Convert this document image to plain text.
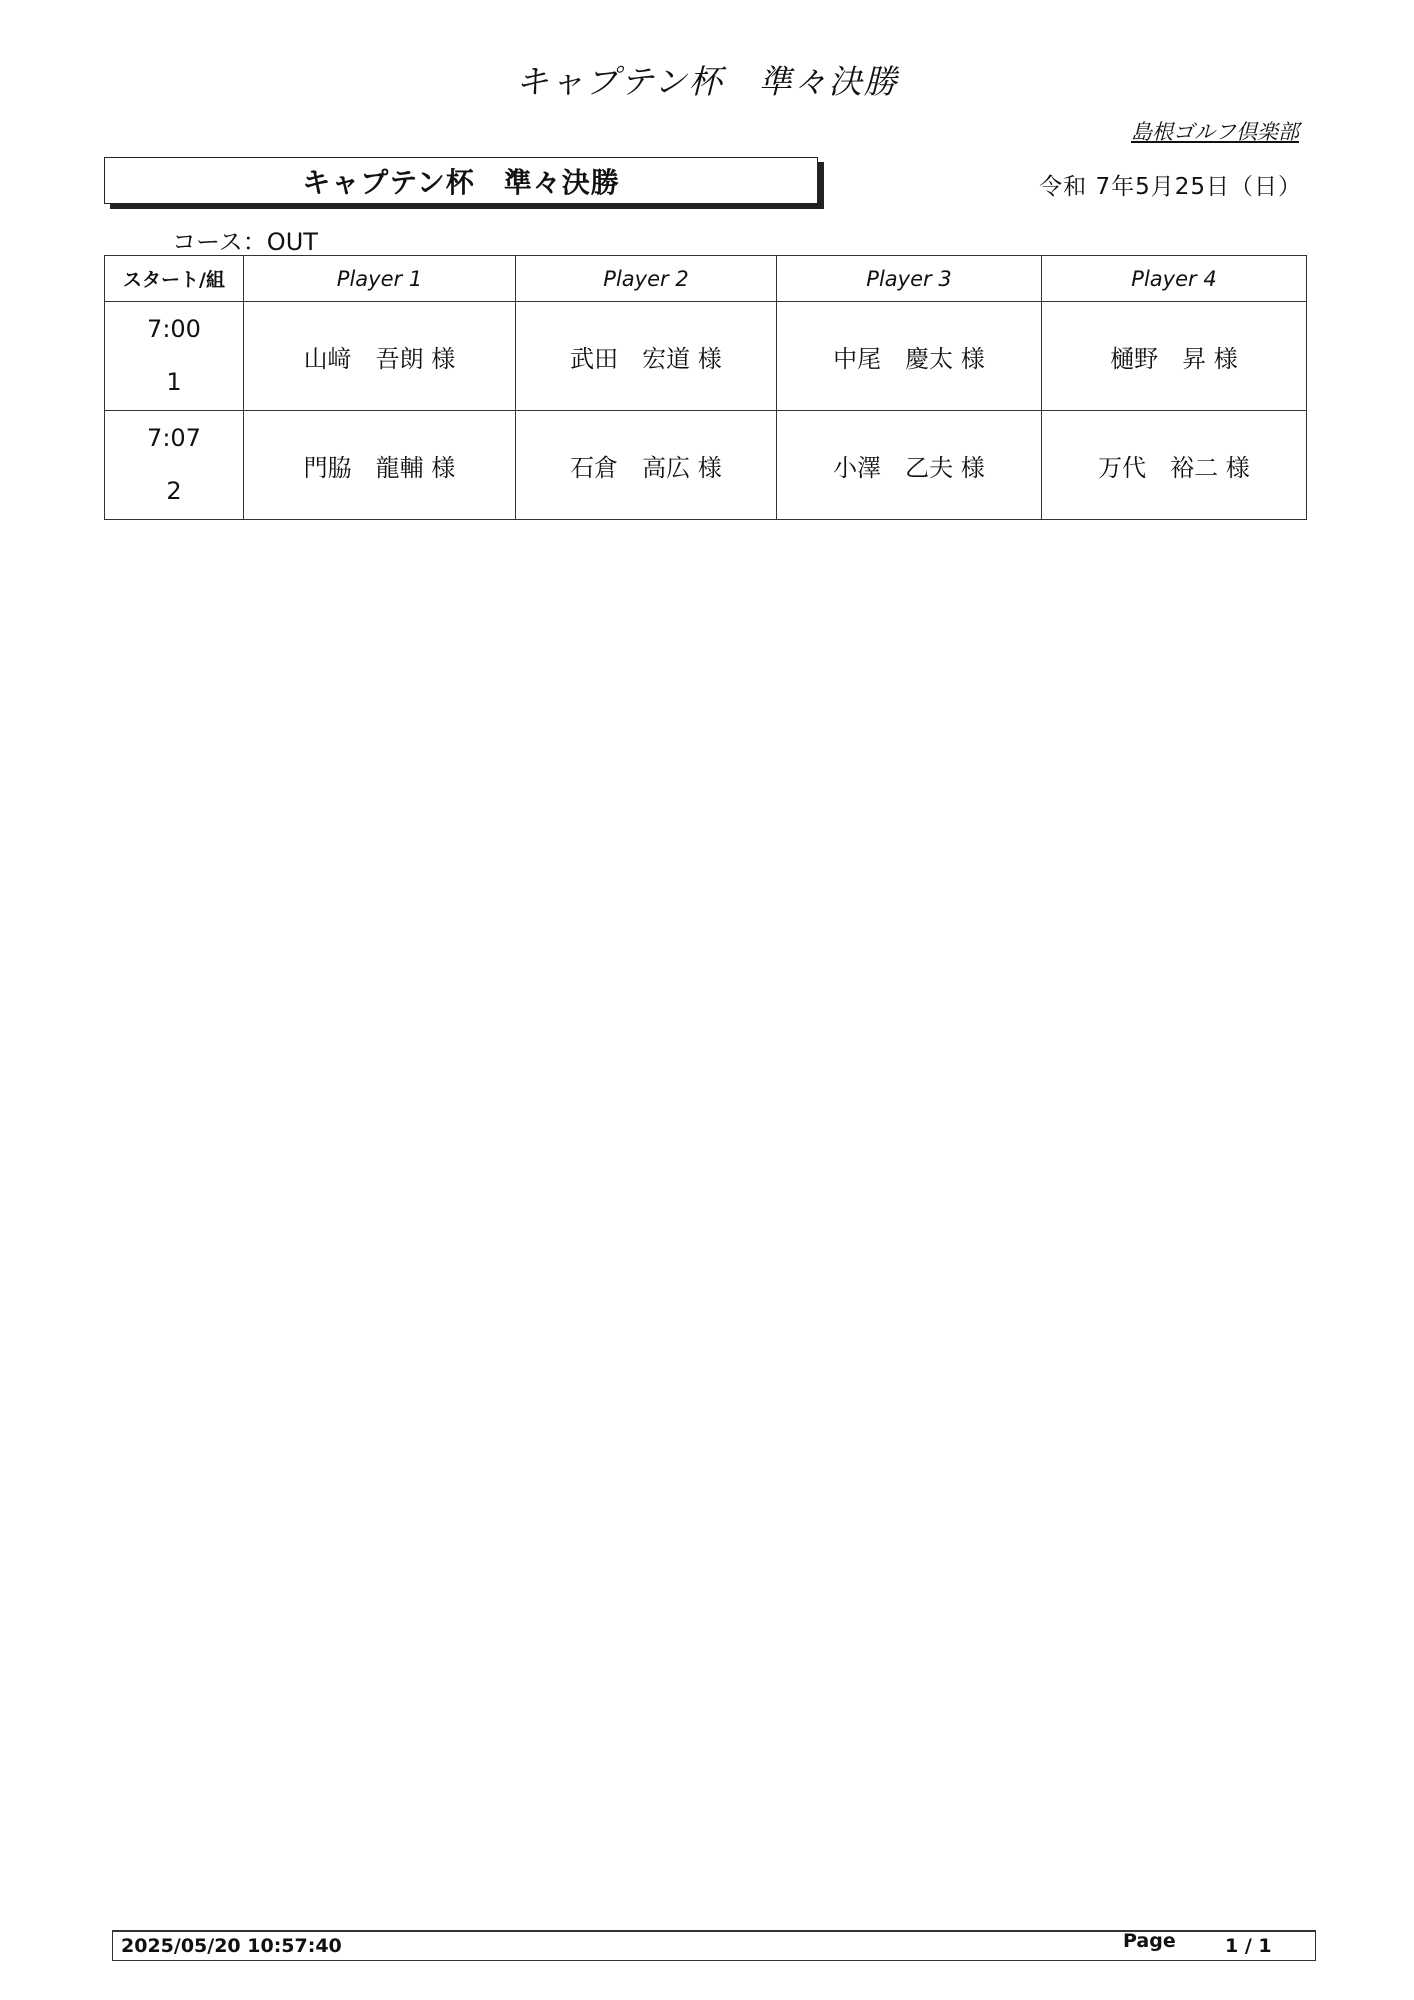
キャプテン杯　準々決勝
島根ゴルフ倶楽部
キャプテン杯　準々決勝	令和 7年5月25日（日）
コース：OUT
スタート/組	Player 1	Player 2	Player 3	Player 4

7:00
1	山﨑　吾朗 様	武田　宏道 様	中尾　慶太 様	樋野　昇 様

7:07
2	門脇　龍輔 様	石倉　高広 様	小澤　乙夫 様	万代　裕二 様
2025/05/20 10:57:40	Page	1 / 1
